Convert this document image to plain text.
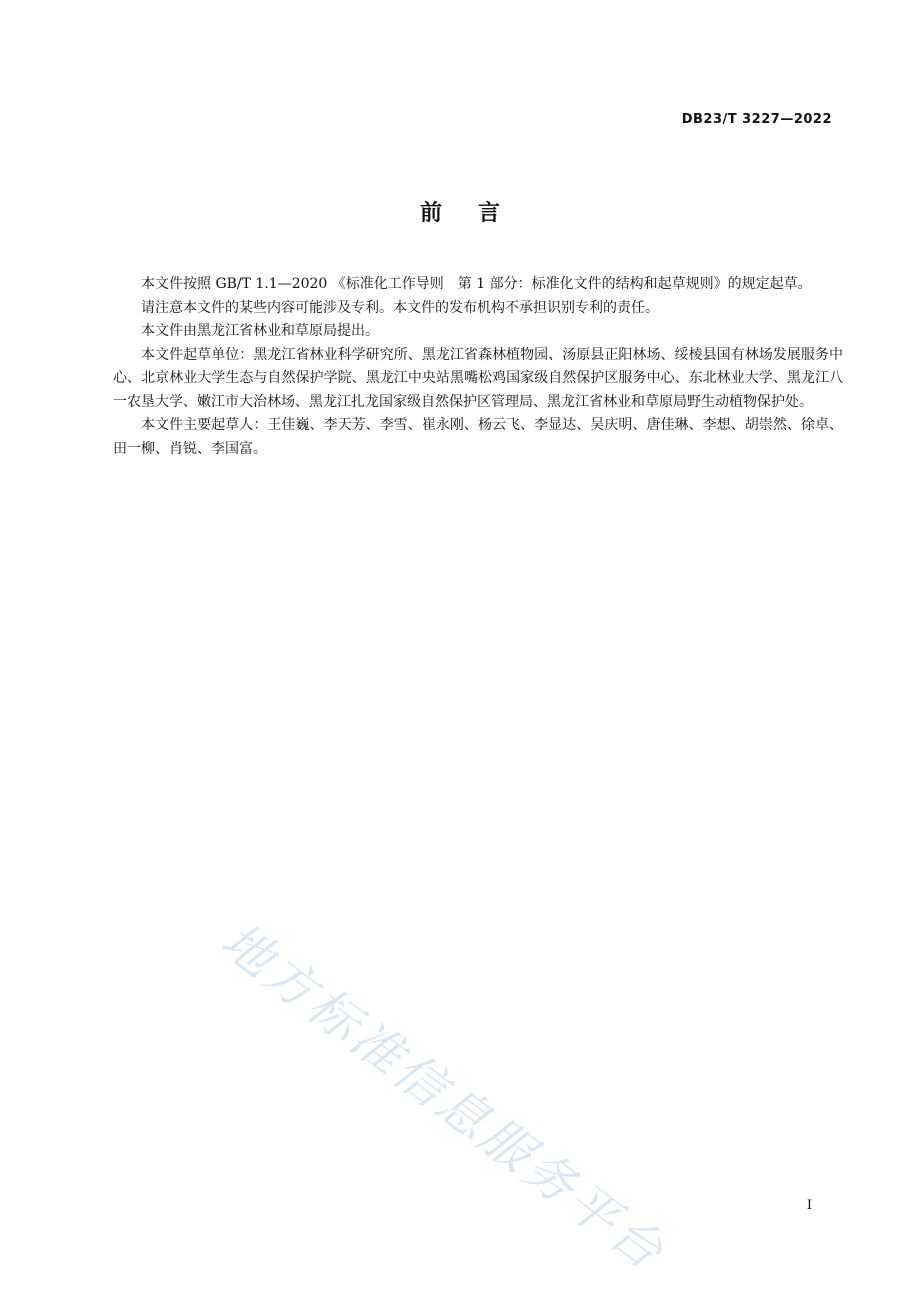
DB23/T 3227—2022
前言

本文件按照 GB/T 1.1—2020 《标准化工作导则　第 1 部分：标准化文件的结构和起草规则》的规定起草。

请注意本文件的某些内容可能涉及专利。本文件的发布机构不承担识别专利的责任。

本文件由黑龙江省林业和草原局提出。

本文件起草单位：黑龙江省林业科学研究所、黑龙江省森林植物园、汤原县正阳林场、绥棱县国有林场发展服务中心、北京林业大学生态与自然保护学院、黑龙江中央站黑嘴松鸡国家级自然保护区服务中心、东北林业大学、黑龙江八一农垦大学、嫩江市大治林场、黑龙江扎龙国家级自然保护区管理局、黑龙江省林业和草原局野生动植物保护处。

本文件主要起草人：王佳巍、李天芳、李雪、崔永刚、杨云飞、李显达、吴庆明、唐佳琳、李想、胡崇然、徐卓、田一柳、肖锐、李国富。

地方标准信息服务平台	I
